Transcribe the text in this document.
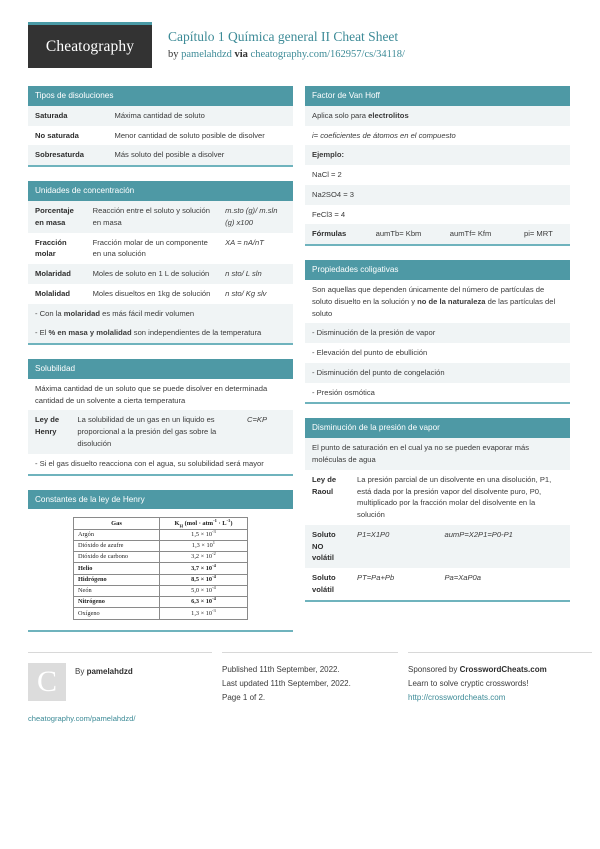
Cheatography
Capítulo 1 Química general II Cheat Sheet
by pamelahdzd via cheatography.com/162957/cs/34118/
Tipos de disoluciones
Saturada	Máxima cantidad de soluto
No saturada	Menor cantidad de soluto posible de disolver
Sobresaturda	Más soluto del posible a disolver
Unidades de concentración
Porcentaje en masa	Reacción entre el soluto y solución en masa	m.sto (g)/ m.sln (g) x100
Fracción molar	Fracción molar de un componente en una solución	XA = nA/nT
Molaridad	Moles de soluto en 1 L de solución	n sto/ L sln
Molalidad	Moles disueltos en 1kg de solución	n sto/ Kg slv
- Con la molaridad es más fácil medir volumen		
- El % en masa y molalidad son independientes de la temperatura		
Solubilidad
Máxima cantidad de un soluto que se puede disolver en determinada cantidad de un solvente a cierta temperatura
Ley de Henry	La solubilidad de un gas en un liquido es proporcional a la presión del gas sobre la disolución	C=KP
- Si el gas disuelto reacciona con el agua, su solubilidad será mayor
Constantes de la ley de Henry
Gas	$K_H$ $(mol \cdot atm^{-1} \cdot L^{-1})$
Argón	$1,5 \times 10^{-3}$
Dióxido de azufre	$1,3 \times 10^1$
Dióxido de carbono	$3,2 \times 10^{-2}$
Helio	$3,7 \times 10^{-4}$
Hidrógeno	$8,5 \times 10^{-4}$
Neón	$5,0 \times 10^{-4}$
Nitrógeno	$6,3 \times 10^{-4}$
Oxígeno	$1,3 \times 10^{-3}$
Factor de Van Hoff
Aplica solo para electrolitos
i= coeficientes de átomos en el compuesto
Ejemplo:
NaCl = 2
Na2SO4 = 3
FeCl3 = 4
Fórmulas	aumTb= Kbm	aumTf= Kfm	pi= MRT
Propiedades coligativas
Son aquellas que dependen únicamente del número de partículas de soluto disuelto en la solución y no de la naturaleza de las partículas del soluto
- Disminución de la presión de vapor
- Elevación del punto de ebullición
- Disminución del punto de congelación
- Presión osmótica
Disminución de la presión de vapor
El punto de saturación en el cual ya no se pueden evaporar más moléculas de agua		
Ley de Raoul	La presión parcial de un disolvente en una disolución, P1, está dada por la presión vapor del disolvente puro, P0, multiplicado por la fracción molar del disolvente en la solución	
Soluto NO volátil	P1=X1P0	aumP=X2P1=P0-P1
Soluto volátil	PT=Pa+Pb	Pa=XaP0a
C	By pamelahdzd
cheatography.com/pamelahdzd/
Published 11th September, 2022.
Last updated 11th September, 2022.
Page 1 of 2.
Sponsored by CrosswordCheats.com
Learn to solve cryptic crosswords!
http://crosswordcheats.com
